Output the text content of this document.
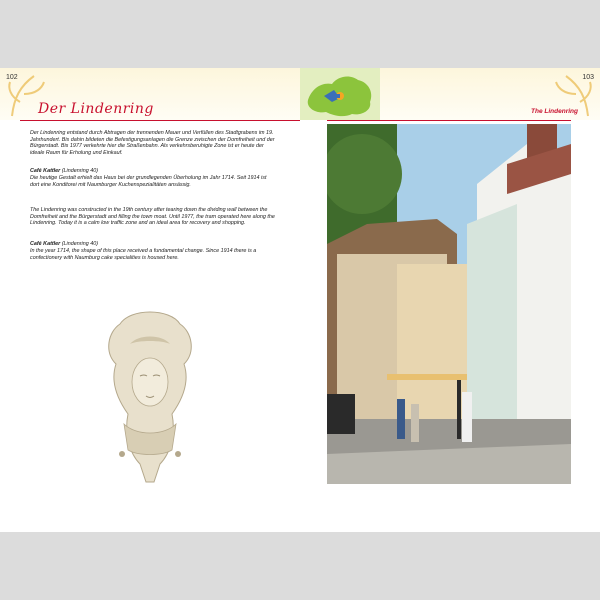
102	103
Der Lindenring	The Lindenring
Der Lindenring entstand durch Abtragen der trennenden Mauer und Verfüllen des Stadtgrabens im 19. Jahrhundert. Bis dahin bildeten die Befestigungsanlagen die Grenze zwischen der Domfreiheit und der Bürgerstadt. Bis 1977 verkehrte hier die Straßenbahn. Als verkehrsberuhigte Zone ist er heute der ideale Raum für Erholung und Einkauf.
Café Kattler (Lindenring 40)
Die heutige Gestalt erhielt das Haus bei der grundlegenden Überholung im Jahr 1714. Seit 1914 ist dort eine Konditorei mit Naumburger Kuchenspezialitäten ansässig.
The Lindenring was constructed in the 19th century after tearing down the dividing wall between the Domfreiheit and the Bürgerstadt and filling the town moat. Until 1977, the tram operated here along the Lindenring. Today it is a calm low traffic zone and an ideal area for recovery and shopping.
Café Kattler (Lindenring 40)
In the year 1714, the shape of this place received a fundamental change. Since 1914 there is a confectionery with Naumburg cake specialities is housed here.
